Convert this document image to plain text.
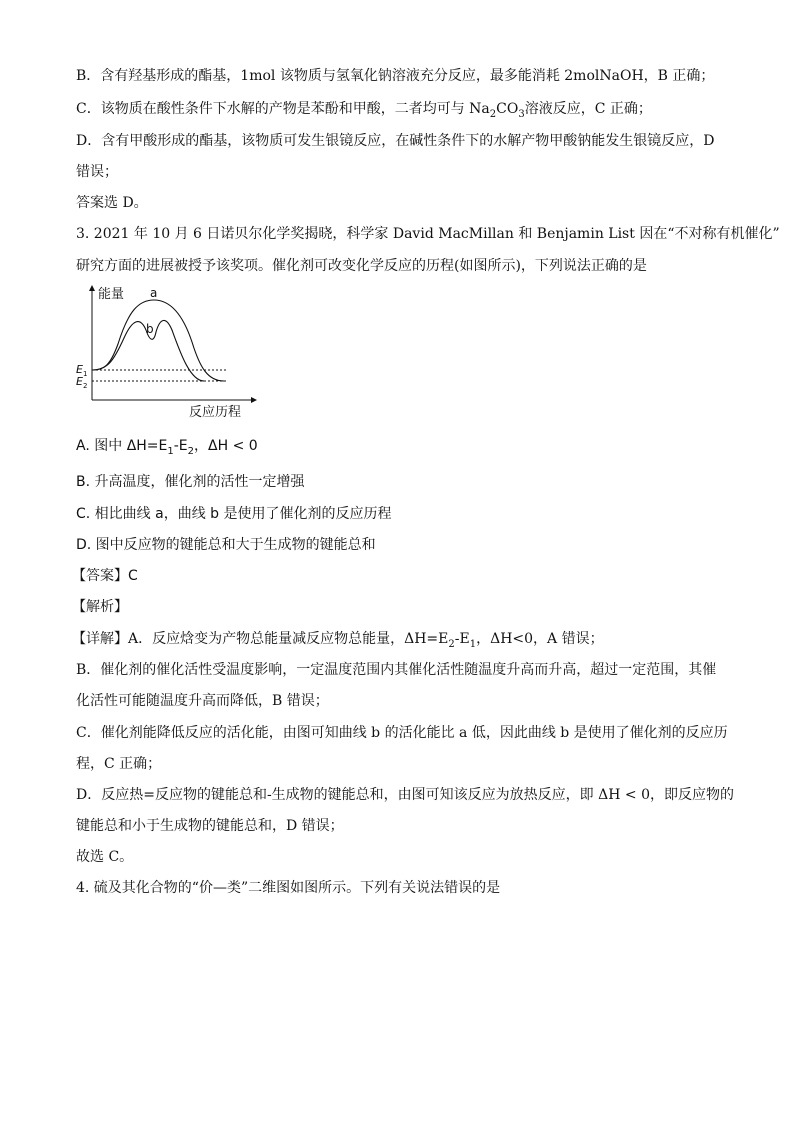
B．含有羟基形成的酯基，1mol 该物质与氢氧化钠溶液充分反应，最多能消耗 2molNaOH，B 正确；
C．该物质在酸性条件下水解的产物是苯酚和甲酸，二者均可与 $Na_2CO_3$溶液反应，C 正确；
D．含有甲酸形成的酯基，该物质可发生银镜反应，在碱性条件下的水解产物甲酸钠能发生银镜反应，D
错误；
答案选 D。
3. 2021 年 10 月 6 日诺贝尔化学奖揭晓，科学家 David MacMillan 和 Benjamin List 因在“不对称有机催化”
研究方面的进展被授予该奖项。催化剂可改变化学反应的历程(如图所示)，下列说法正确的是
能量
反应历程
a
b
E 1
E 2
A. 图中 $\Delta H=E_1-E_2$，ΔH < 0
B. 升高温度，催化剂的活性一定增强
C. 相比曲线 a，曲线 b 是使用了催化剂的反应历程
D. 图中反应物的键能总和大于生成物的键能总和
【答案】C
【解析】
【详解】A．反应焓变为产物总能量减反应物总能量，$\Delta H=E_2-E_1$，ΔH<0，A 错误；
B．催化剂的催化活性受温度影响，一定温度范围内其催化活性随温度升高而升高，超过一定范围，其催
化活性可能随温度升高而降低，B 错误；
C．催化剂能降低反应的活化能，由图可知曲线 b 的活化能比 a 低，因此曲线 b 是使用了催化剂的反应历
程，C 正确；
D．反应热=反应物的键能总和-生成物的键能总和，由图可知该反应为放热反应，即 ΔH < 0，即反应物的
键能总和小于生成物的键能总和，D 错误；
故选 C。
4. 硫及其化合物的“价—类”二维图如图所示。下列有关说法错误的是
